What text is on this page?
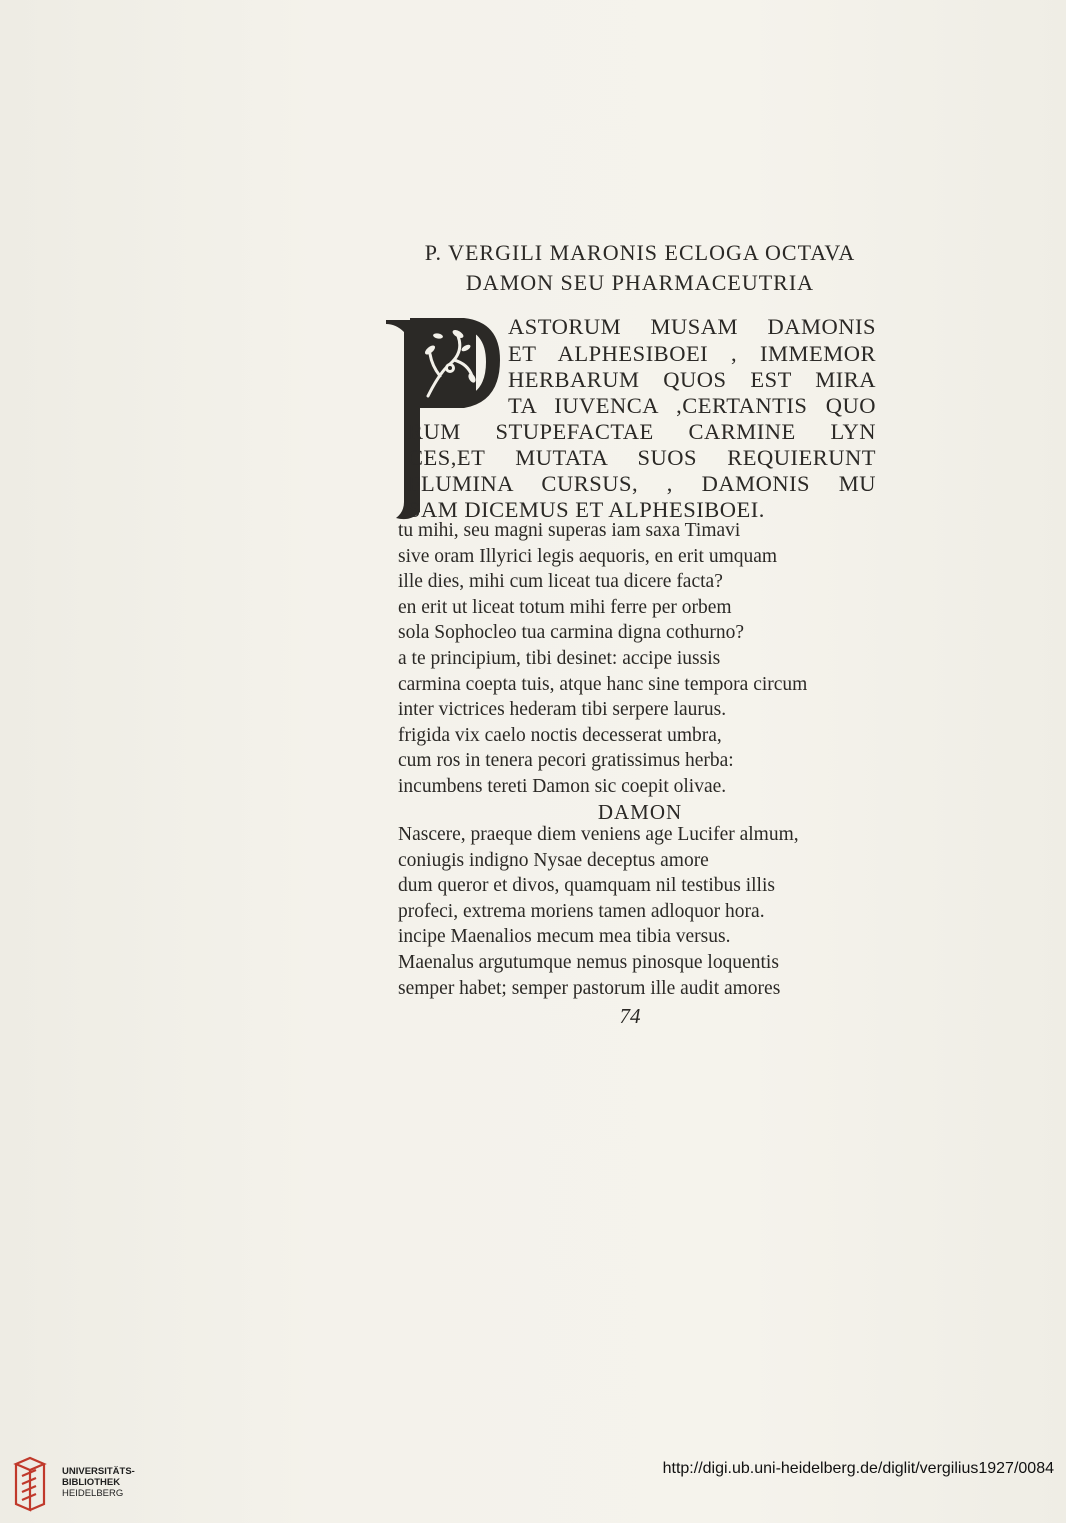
P. VERGILI MARONIS ECLOGA OCTAVA
DAMON SEU PHARMACEUTRIA
ASTORUM MUSAM DAMONIS
ET ALPHESIBOEI , IMMEMOR
HERBARUM QUOS EST MIRA
TA IUVENCA ,CERTANTIS QUO
RUM STUPEFACTAE CARMINE LYN
CES,ET MUTATA SUOS REQUIERUNT
FLUMINA CURSUS, , DAMONIS MU
SAM DICEMUS ET ALPHESIBOEI.
tu mihi, seu magni superas iam saxa Timavi
sive oram Illyrici legis aequoris, en erit umquam
ille dies, mihi cum liceat tua dicere facta?
en erit ut liceat totum mihi ferre per orbem
sola Sophocleo tua carmina digna cothurno?
a te principium, tibi desinet: accipe iussis
carmina coepta tuis, atque hanc sine tempora circum
inter victrices hederam tibi serpere laurus.
frigida vix caelo noctis decesserat umbra,
cum ros in tenera pecori gratissimus herba:
incumbens tereti Damon sic coepit olivae.
DAMON
Nascere, praeque diem veniens age Lucifer almum,
coniugis indigno Nysae deceptus amore
dum queror et divos, quamquam nil testibus illis
profeci, extrema moriens tamen adloquor hora.
incipe Maenalios mecum mea tibia versus.
Maenalus argutumque nemus pinosque loquentis
semper habet; semper pastorum ille audit amores
74
UNIVERSITÄTS-
BIBLIOTHEK
HEIDELBERG
http://digi.ub.uni-heidelberg.de/diglit/vergilius1927/0084
